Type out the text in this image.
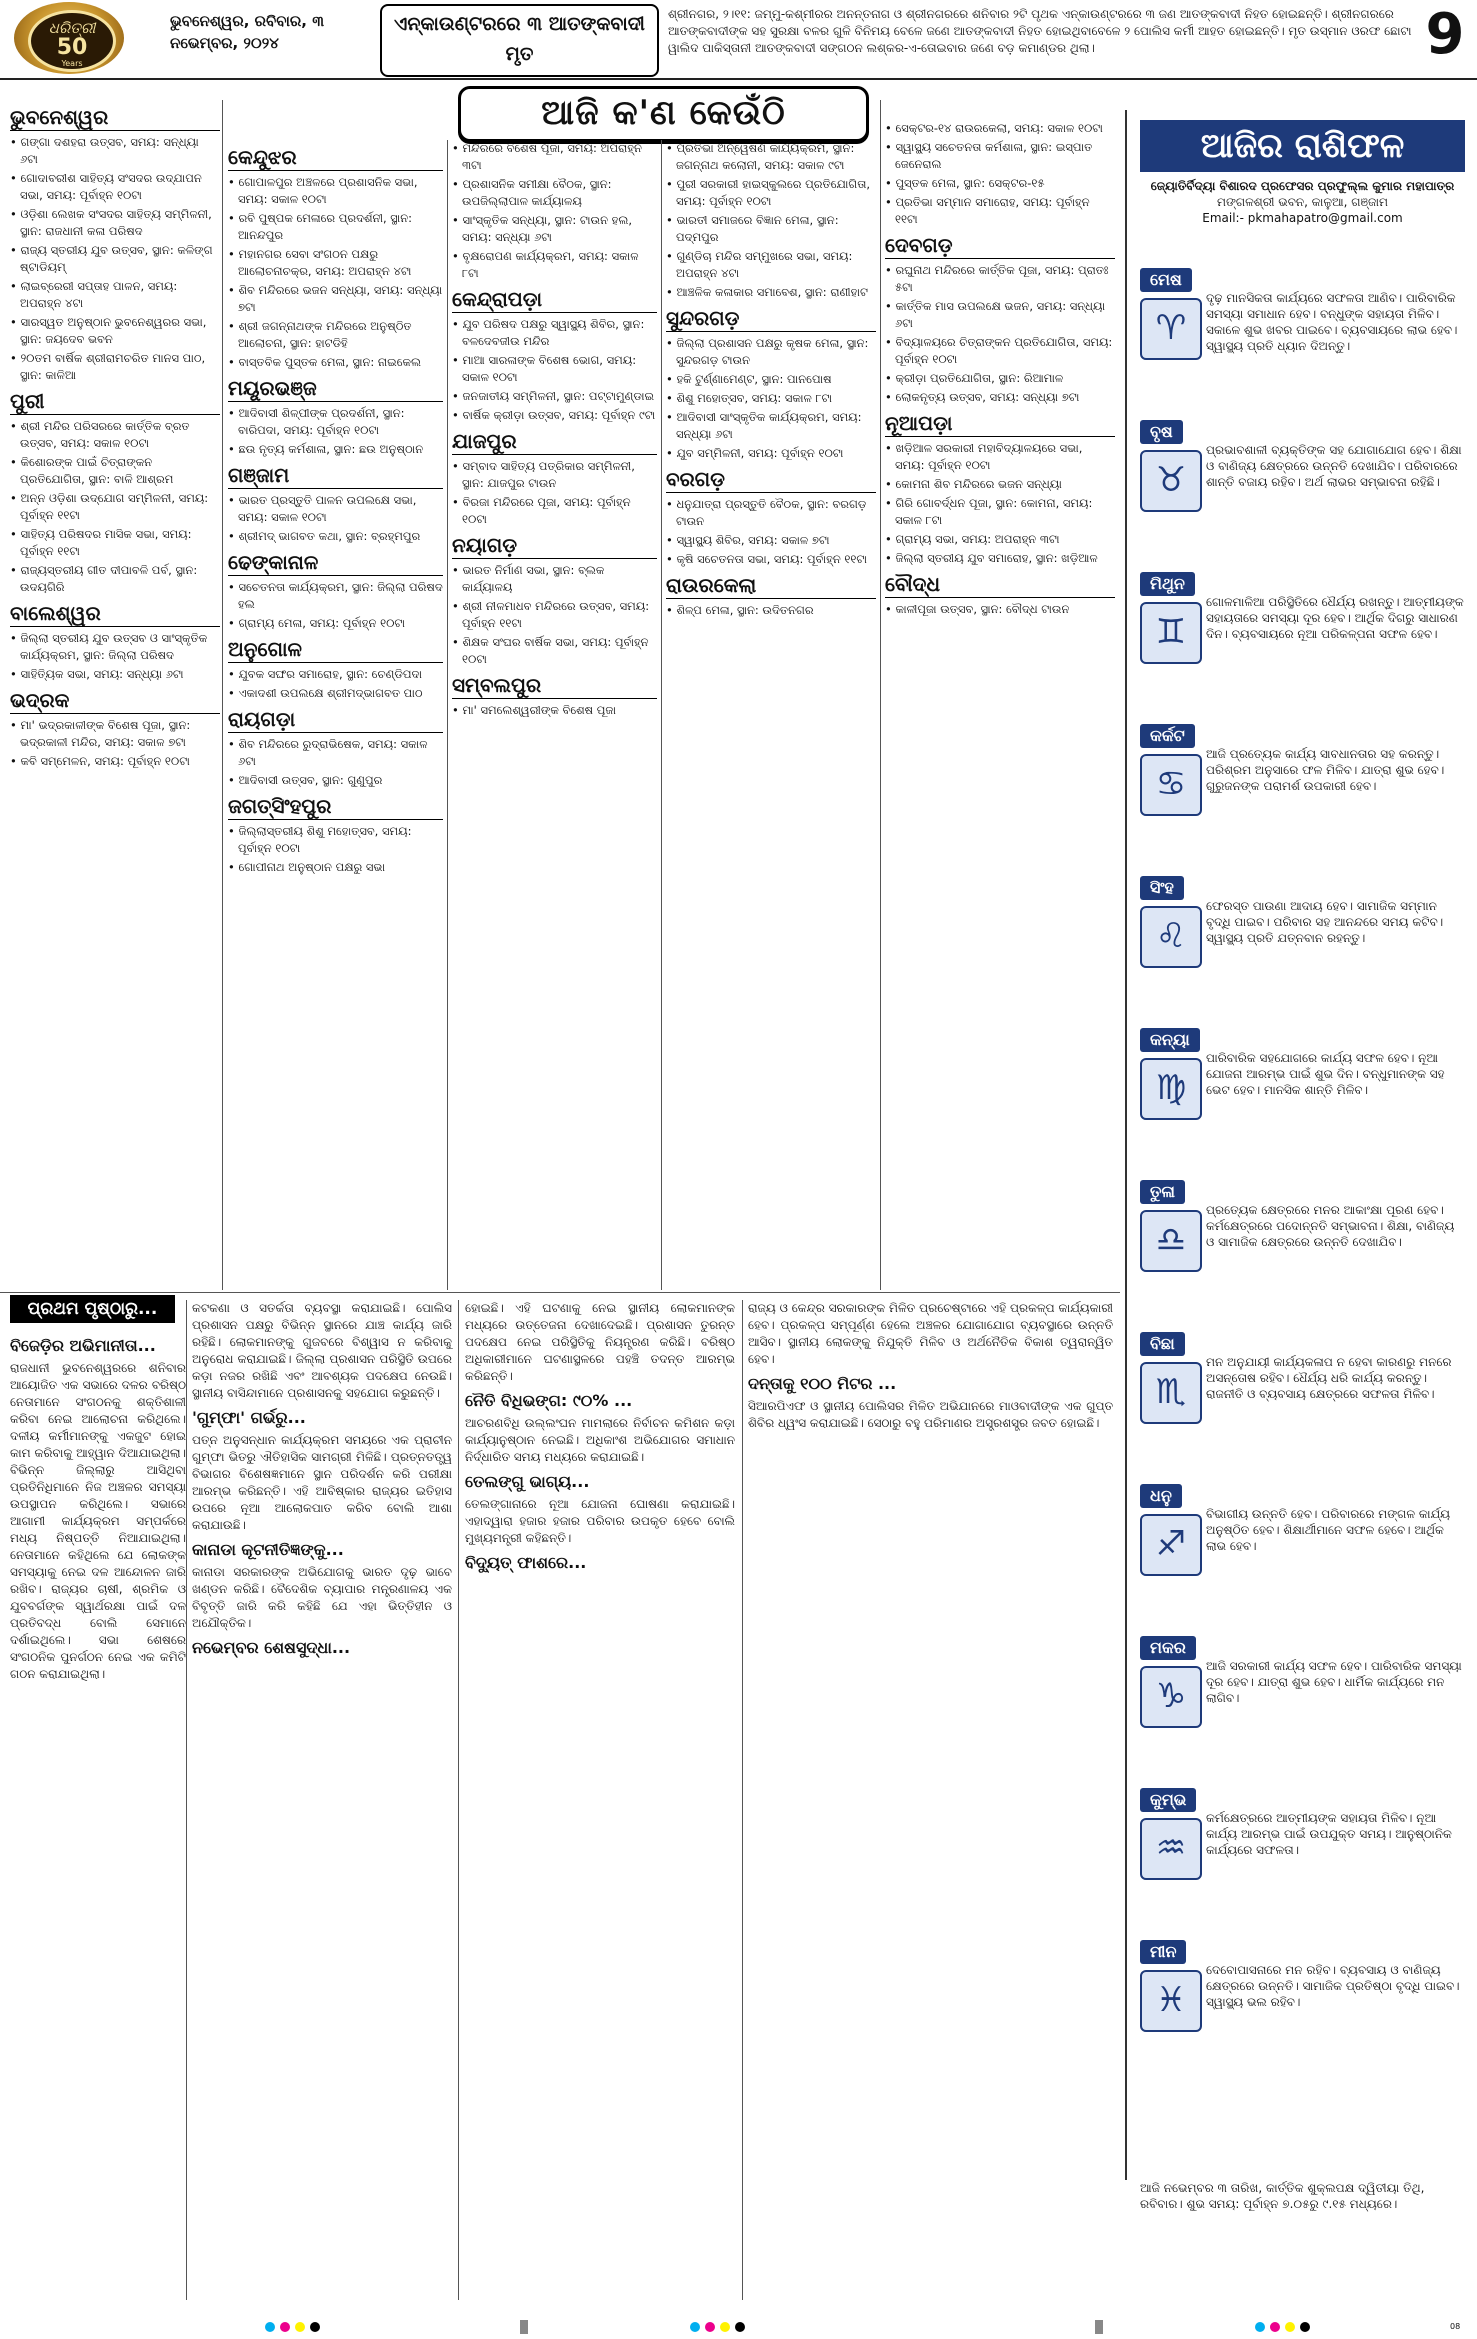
ଧରିତ୍ରୀ
50
Years
ଭୁବନେଶ୍ୱର, ରବିବାର, ୩ ନଭେମ୍ବର, ୨୦୨୪
ଏନ୍‌କାଉଣ୍ଟରରେ ୩ ଆତଙ୍କବାଦୀ ମୃତ
ଶ୍ରୀନଗର, ୨।୧୧: ଜମ୍ମୁ-କଶ୍ମୀରର ଅନନ୍ତନାଗ ଓ ଶ୍ରୀନଗରରେ ଶନିବାର ୨ଟି ପୃଥକ ଏନ୍‌କାଉଣ୍ଟରରେ ୩ ଜଣ ଆତଙ୍କବାଦୀ ନିହତ ହୋଇଛନ୍ତି। ଶ୍ରୀନଗରରେ ଆତଙ୍କବାଦୀଙ୍କ ସହ ସୁରକ୍ଷା ବଳର ଗୁଳି ବିନିମୟ ବେଳେ ଜଣେ ଆତଙ୍କବାଦୀ ନିହତ ହୋଇଥିବାବେଳେ ୨ ପୋଲିସ କର୍ମୀ ଆହତ ହୋଇଛନ୍ତି। ମୃତ ଉସ୍ମାନ ଓରଫ ଛୋଟା ୱାଲିଦ ପାକିସ୍ତାନୀ ଆତଙ୍କବାଦୀ ସଙ୍ଗଠନ ଲଶ୍କର-ଏ-ତୋଇବାର ଜଣେ ବଡ଼ କମାଣ୍ଡର ଥିଲା।	9
ଆଜି କ'ଣ କେଉଁଠି
ଭୁବନେଶ୍ୱର
• ଗଙ୍ଗା ଦଶହରା ଉତ୍ସବ, ସମୟ: ସନ୍ଧ୍ୟା ୬ଟା
• ଗୋଦାବରୀଶ ସାହିତ୍ୟ ସଂସଦର ଉଦ୍‌ଯାପନ ସଭା, ସମୟ: ପୂର୍ବାହ୍ନ ୧୦ଟା
• ଓଡ଼ିଶା ଲେଖକ ସଂସଦର ସାହିତ୍ୟ ସମ୍ମିଳନୀ, ସ୍ଥାନ: ରାଜଧାନୀ କଳା ପରିଷଦ
• ରାଜ୍ୟ ସ୍ତରୀୟ ଯୁବ ଉତ୍ସବ, ସ୍ଥାନ: କଳିଙ୍ଗ ଷ୍ଟାଡିୟମ୍‌
• ଲାଇବ୍ରେରୀ ସପ୍ତାହ ପାଳନ, ସମୟ: ଅପରାହ୍ନ ୪ଟା
• ସାରସ୍ୱତ ଅନୁଷ୍ଠାନ ଭୁବନେଶ୍ୱରର ସଭା, ସ୍ଥାନ: ଜୟଦେବ ଭବନ
• ୨୦ତମ ବାର୍ଷିକ ଶ୍ରୀରାମଚରିତ ମାନସ ପାଠ, ସ୍ଥାନ: କାଳିଆ
ପୁରୀ
• ଶ୍ରୀ ମନ୍ଦିର ପରିସରରେ କାର୍ତ୍ତିକ ବ୍ରତ ଉତ୍ସବ, ସମୟ: ସକାଳ ୧୦ଟା
• କିଶୋରଙ୍କ ପାଇଁ ଚିତ୍ରାଙ୍କନ ପ୍ରତିଯୋଗିତା, ସ୍ଥାନ: ବାଳି ଆଶ୍ରମ
• ଅନ୍ନ ଓଡ଼ିଶା ଉଦ୍‌ଯୋଗ ସମ୍ମିଳନୀ, ସମୟ: ପୂର୍ବାହ୍ନ ୧୧ଟା
• ସାହିତ୍ୟ ପରିଷଦର ମାସିକ ସଭା, ସମୟ: ପୂର୍ବାହ୍ନ ୧୧ଟା
• ରାଜ୍ୟସ୍ତରୀୟ ଗୀତ ଦୀପାବଳି ପର୍ବ, ସ୍ଥାନ: ଉଦୟଗିରି
ବାଲେଶ୍ୱର
• ଜିଲ୍ଲା ସ୍ତରୀୟ ଯୁବ ଉତ୍ସବ ଓ ସାଂସ୍କୃତିକ କାର୍ଯ୍ୟକ୍ରମ, ସ୍ଥାନ: ଜିଲ୍ଲା ପରିଷଦ
• ସାହିତ୍ୟିକ ସଭା, ସମୟ: ସନ୍ଧ୍ୟା ୬ଟା
ଭଦ୍ରକ
• ମା' ଭଦ୍ରକାଳୀଙ୍କ ବିଶେଷ ପୂଜା, ସ୍ଥାନ: ଭଦ୍ରକାଳୀ ମନ୍ଦିର, ସମୟ: ସକାଳ ୭ଟା
• କବି ସମ୍ମେଳନ, ସମୟ: ପୂର୍ବାହ୍ନ ୧୦ଟା
କେନ୍ଦୁଝର
• ଗୋପାଳପୁର ଅଞ୍ଚଳରେ ପ୍ରଶାସନିକ ସଭା, ସମୟ: ସକାଳ ୧୦ଟା
• ରବି ପୁଷ୍ପକ ମେଳାରେ ପ୍ରଦର୍ଶନୀ, ସ୍ଥାନ: ଆନନ୍ଦପୁର
• ମହାନଗର ସେବା ସଂଗଠନ ପକ୍ଷରୁ ଆଲୋଚନାଚକ୍ର, ସମୟ: ଅପରାହ୍ନ ୪ଟା
• ଶିବ ମନ୍ଦିରରେ ଭଜନ ସନ୍ଧ୍ୟା, ସମୟ: ସନ୍ଧ୍ୟା ୭ଟା
• ଶ୍ରୀ ଜଗନ୍ନାଥଙ୍କ ମନ୍ଦିରରେ ଅନୁଷ୍ଠିତ ଆଲୋଚନା, ସ୍ଥାନ: ହାଟଡିହି
• ବାସ୍ତବିକ ପୁସ୍ତକ ମେଳା, ସ୍ଥାନ: ନାଇକେଲ
ମୟୂରଭଞ୍ଜ
• ଆଦିବାସୀ ଶିଳ୍ପୀଙ୍କ ପ୍ରଦର୍ଶନୀ, ସ୍ଥାନ: ବାରିପଦା, ସମୟ: ପୂର୍ବାହ୍ନ ୧୦ଟା
• ଛଉ ନୃତ୍ୟ କର୍ମଶାଳା, ସ୍ଥାନ: ଛଉ ଅନୁଷ୍ଠାନ
ଗଞ୍ଜାମ
• ଭାରତ ପ୍ରସ୍ତୁତି ପାଳନ ଉପଲକ୍ଷେ ସଭା, ସମୟ: ସକାଳ ୧୦ଟା
• ଶ୍ରୀମଦ୍‌ ଭାଗବତ କଥା, ସ୍ଥାନ: ବ୍ରହ୍ମପୁର
ଢେଙ୍କାନାଳ
• ସଚେତନତା କାର୍ଯ୍ୟକ୍ରମ, ସ୍ଥାନ: ଜିଲ୍ଲା ପରିଷଦ ହଲ
• ଗ୍ରାମ୍ୟ ମେଳା, ସମୟ: ପୂର୍ବାହ୍ନ ୧୦ଟା
ଅନୁଗୋଳ
• ଯୁବକ ସଙ୍ଘର ସମାରୋହ, ସ୍ଥାନ: ଚେଣ୍ଡିପଦା
• ଏକାଦଶୀ ଉପଲକ୍ଷେ ଶ୍ରୀମଦ୍‌ଭାଗବତ ପାଠ
ରାୟଗଡ଼ା
• ଶିବ ମନ୍ଦିରରେ ରୁଦ୍ରାଭିଷେକ, ସମୟ: ସକାଳ ୬ଟା
• ଆଦିବାସୀ ଉତ୍ସବ, ସ୍ଥାନ: ଗୁଣୁପୁର
ଜଗତ୍‌ସିଂହପୁର
• ଜିଲ୍ଲାସ୍ତରୀୟ ଶିଶୁ ମହୋତ୍ସବ, ସମୟ: ପୂର୍ବାହ୍ନ ୧୦ଟା
• ଗୋପୀନାଥ ଅନୁଷ୍ଠାନ ପକ୍ଷରୁ ସଭା
• ମନ୍ଦିରରେ ବିଶେଷ ପୂଜା, ସମୟ: ଅପରାହ୍ନ ୩ଟା
• ପ୍ରଶାସନିକ ସମୀକ୍ଷା ବୈଠକ, ସ୍ଥାନ: ଉପଜିଲ୍ଲାପାଳ କାର୍ଯ୍ୟାଳୟ
• ସାଂସ୍କୃତିକ ସନ୍ଧ୍ୟା, ସ୍ଥାନ: ଟାଉନ ହଲ, ସମୟ: ସନ୍ଧ୍ୟା ୬ଟା
• ବୃକ୍ଷରୋପଣ କାର୍ଯ୍ୟକ୍ରମ, ସମୟ: ସକାଳ ୮ଟା
କେନ୍ଦ୍ରାପଡ଼ା
• ଯୁବ ପରିଷଦ ପକ୍ଷରୁ ସ୍ୱାସ୍ଥ୍ୟ ଶିବିର, ସ୍ଥାନ: ବଳଦେବଜୀଉ ମନ୍ଦିର
• ମାଆ ସାରଳାଙ୍କ ବିଶେଷ ଭୋଗ, ସମୟ: ସକାଳ ୧୦ଟା
• ଜନଜାତୀୟ ସମ୍ମିଳନୀ, ସ୍ଥାନ: ପଟ୍ଟାମୁଣ୍ଡାଇ
• ବାର୍ଷିକ କ୍ରୀଡ଼ା ଉତ୍ସବ, ସମୟ: ପୂର୍ବାହ୍ନ ୯ଟା
ଯାଜପୁର
• ସମ୍ବାଦ ସାହିତ୍ୟ ପତ୍ରିକାର ସମ୍ମିଳନୀ, ସ୍ଥାନ: ଯାଜପୁର ଟାଉନ
• ବିରଜା ମନ୍ଦିରରେ ପୂଜା, ସମୟ: ପୂର୍ବାହ୍ନ ୧୦ଟା
ନୟାଗଡ଼
• ଭାରତ ନିର୍ମାଣ ସଭା, ସ୍ଥାନ: ବ୍ଲକ କାର୍ଯ୍ୟାଳୟ
• ଶ୍ରୀ ନୀଳମାଧବ ମନ୍ଦିରରେ ଉତ୍ସବ, ସମୟ: ପୂର୍ବାହ୍ନ ୧୧ଟା
• ଶିକ୍ଷକ ସଂଘର ବାର୍ଷିକ ସଭା, ସମୟ: ପୂର୍ବାହ୍ନ ୧୦ଟା
ସମ୍ବଲପୁର
• ମା' ସମଲେଶ୍ୱରୀଙ୍କ ବିଶେଷ ପୂଜା
• ପ୍ରତିଭା ଅନ୍ୱେଷଣ କାର୍ଯ୍ୟକ୍ରମ, ସ୍ଥାନ: ଜଗନ୍ନାଥ କଲୋନୀ, ସମୟ: ସକାଳ ୯ଟା
• ପୁରୀ ସରକାରୀ ହାଇସ୍କୁଲରେ ପ୍ରତିଯୋଗିତା, ସମୟ: ପୂର୍ବାହ୍ନ ୧୦ଟା
• ଭାରତୀ ସମାଜରେ ବିଜ୍ଞାନ ମେଳା, ସ୍ଥାନ: ପଦ୍ମପୁର
• ଗୁଣ୍ଡିଚା ମନ୍ଦିର ସମ୍ମୁଖରେ ସଭା, ସମୟ: ଅପରାହ୍ନ ୪ଟା
• ଆଞ୍ଚଳିକ କଳାକାର ସମାବେଶ, ସ୍ଥାନ: ରାଣୀହାଟ
ସୁନ୍ଦରଗଡ଼
• ଜିଲ୍ଲା ପ୍ରଶାସନ ପକ୍ଷରୁ କୃଷକ ମେଳା, ସ୍ଥାନ: ସୁନ୍ଦରଗଡ଼ ଟାଉନ
• ହକି ଟୁର୍ଣ୍ଣାମେଣ୍ଟ, ସ୍ଥାନ: ପାନପୋଷ
• ଶିଶୁ ମହୋତ୍ସବ, ସମୟ: ସକାଳ ୮ଟା
• ଆଦିବାସୀ ସାଂସ୍କୃତିକ କାର୍ଯ୍ୟକ୍ରମ, ସମୟ: ସନ୍ଧ୍ୟା ୬ଟା
• ଯୁବ ସମ୍ମିଳନୀ, ସମୟ: ପୂର୍ବାହ୍ନ ୧୦ଟା
ବରଗଡ଼
• ଧନୁଯାତ୍ରା ପ୍ରସ୍ତୁତି ବୈଠକ, ସ୍ଥାନ: ବରଗଡ଼ ଟାଉନ
• ସ୍ୱାସ୍ଥ୍ୟ ଶିବିର, ସମୟ: ସକାଳ ୭ଟା
• କୃଷି ସଚେତନତା ସଭା, ସମୟ: ପୂର୍ବାହ୍ନ ୧୧ଟା
ରାଉରକେଲା
• ଶିଳ୍ପ ମେଳା, ସ୍ଥାନ: ଉଦିତନଗର
• ସେକ୍ଟର-୧୪ ରାଉରକେଲା, ସମୟ: ସକାଳ ୧୦ଟା
• ସ୍ୱାସ୍ଥ୍ୟ ସଚେତନତା କର୍ମଶାଳା, ସ୍ଥାନ: ଇସ୍ପାତ ଜେନେରାଲ
• ପୁସ୍ତକ ମେଳା, ସ୍ଥାନ: ସେକ୍ଟର-୧୫
• ପ୍ରତିଭା ସମ୍ମାନ ସମାରୋହ, ସମୟ: ପୂର୍ବାହ୍ନ ୧୧ଟା
ଦେବଗଡ଼
• ରଘୁନାଥ ମନ୍ଦିରରେ କାର୍ତ୍ତିକ ପୂଜା, ସମୟ: ପ୍ରାତଃ ୫ଟା
• କାର୍ତ୍ତିକ ମାସ ଉପଲକ୍ଷେ ଭଜନ, ସମୟ: ସନ୍ଧ୍ୟା ୬ଟା
• ବିଦ୍ୟାଳୟରେ ଚିତ୍ରାଙ୍କନ ପ୍ରତିଯୋଗିତା, ସମୟ: ପୂର୍ବାହ୍ନ ୧୦ଟା
• କ୍ରୀଡ଼ା ପ୍ରତିଯୋଗିତା, ସ୍ଥାନ: ରିଆମାଳ
• ଲୋକନୃତ୍ୟ ଉତ୍ସବ, ସମୟ: ସନ୍ଧ୍ୟା ୭ଟା
ନୂଆପଡ଼ା
• ଖଡ଼ିଆଳ ସରକାରୀ ମହାବିଦ୍ୟାଳୟରେ ସଭା, ସମୟ: ପୂର୍ବାହ୍ନ ୧୦ଟା
• କୋମନା ଶିବ ମନ୍ଦିରରେ ଭଜନ ସନ୍ଧ୍ୟା
• ଗିରି ଗୋବର୍ଦ୍ଧନ ପୂଜା, ସ୍ଥାନ: କୋମନା, ସମୟ: ସକାଳ ୮ଟା
• ଗ୍ରାମ୍ୟ ସଭା, ସମୟ: ଅପରାହ୍ନ ୩ଟା
• ଜିଲ୍ଲା ସ୍ତରୀୟ ଯୁବ ସମାରୋହ, ସ୍ଥାନ: ଖଡ଼ିଆଳ
ବୌଦ୍ଧ
• କାଳୀପୂଜା ଉତ୍ସବ, ସ୍ଥାନ: ବୌଦ୍ଧ ଟାଉନ
ଆଜିର ରାଶିଫଳ
ଜ୍ୟୋତିର୍ବିଦ୍ୟା ବିଶାରଦ ପ୍ରଫେସର ପ୍ରଫୁଲ୍ଲ କୁମାର ମହାପାତ୍ର
ମଙ୍ଗଳଶ୍ରୀ ଭବନ, କାଳୁଆ, ଗଞ୍ଜାମ
Email:- pkmahapatro@gmail.com
ମେଷ
♈
ଦୃଢ଼ ମାନସିକତା କାର୍ଯ୍ୟରେ ସଫଳତା ଆଣିବ। ପାରିବାରିକ ସମସ୍ୟା ସମାଧାନ ହେବ। ବନ୍ଧୁଙ୍କ ସହାୟତା ମିଳିବ। ସକାଳେ ଶୁଭ ଖବର ପାଇବେ। ବ୍ୟବସାୟରେ ଲାଭ ହେବ। ସ୍ୱାସ୍ଥ୍ୟ ପ୍ରତି ଧ୍ୟାନ ଦିଅନ୍ତୁ।
ବୃଷ
♉
ପ୍ରଭାବଶାଳୀ ବ୍ୟକ୍ତିଙ୍କ ସହ ଯୋଗାଯୋଗ ହେବ। ଶିକ୍ଷା ଓ ବାଣିଜ୍ୟ କ୍ଷେତ୍ରରେ ଉନ୍ନତି ଦେଖାଯିବ। ପରିବାରରେ ଶାନ୍ତି ବଜାୟ ରହିବ। ଅର୍ଥ ଲାଭର ସମ୍ଭାବନା ରହିଛି।
ମିଥୁନ
♊
ଗୋଳମାଳିଆ ପରିସ୍ଥିତିରେ ଧୈର୍ଯ୍ୟ ରଖନ୍ତୁ। ଆତ୍ମୀୟଙ୍କ ସହାୟତାରେ ସମସ୍ୟା ଦୂର ହେବ। ଆର୍ଥିକ ଦିଗରୁ ସାଧାରଣ ଦିନ। ବ୍ୟବସାୟରେ ନୂଆ ପରିକଳ୍ପନା ସଫଳ ହେବ।
କର୍କଟ
♋
ଆଜି ପ୍ରତ୍ୟେକ କାର୍ଯ୍ୟ ସାବଧାନତାର ସହ କରନ୍ତୁ। ପରିଶ୍ରମ ଅନୁସାରେ ଫଳ ମିଳିବ। ଯାତ୍ରା ଶୁଭ ହେବ। ଗୁରୁଜନଙ୍କ ପରାମର୍ଶ ଉପକାରୀ ହେବ।
ସିଂହ
♌
ଫେରସ୍ତ ପାଉଣା ଆଦାୟ ହେବ। ସାମାଜିକ ସମ୍ମାନ ବୃଦ୍ଧି ପାଇବ। ପରିବାର ସହ ଆନନ୍ଦରେ ସମୟ କଟିବ। ସ୍ୱାସ୍ଥ୍ୟ ପ୍ରତି ଯତ୍ନବାନ ରହନ୍ତୁ।
କନ୍ୟା
♍
ପାରିବାରିକ ସହଯୋଗରେ କାର୍ଯ୍ୟ ସଫଳ ହେବ। ନୂଆ ଯୋଜନା ଆରମ୍ଭ ପାଇଁ ଶୁଭ ଦିନ। ବନ୍ଧୁମାନଙ୍କ ସହ ଭେଟ ହେବ। ମାନସିକ ଶାନ୍ତି ମିଳିବ।
ତୁଳା
♎
ପ୍ରତ୍ୟେକ କ୍ଷେତ୍ରରେ ମନର ଆକାଂକ୍ଷା ପୂରଣ ହେବ। କର୍ମକ୍ଷେତ୍ରରେ ପଦୋନ୍ନତି ସମ୍ଭାବନା। ଶିକ୍ଷା, ବାଣିଜ୍ୟ ଓ ସାମାଜିକ କ୍ଷେତ୍ରରେ ଉନ୍ନତି ଦେଖାଯିବ।
ବିଛା
♏
ମନ ଅନୁଯାୟୀ କାର୍ଯ୍ୟକଳାପ ନ ହେବା କାରଣରୁ ମନରେ ଅସନ୍ତୋଷ ରହିବ। ଧୈର୍ଯ୍ୟ ଧରି କାର୍ଯ୍ୟ କରନ୍ତୁ। ରାଜନୀତି ଓ ବ୍ୟବସାୟ କ୍ଷେତ୍ରରେ ସଫଳତା ମିଳିବ।
ଧନୁ
♐
ବିଭାଗୀୟ ଉନ୍ନତି ହେବ। ପରିବାରରେ ମଙ୍ଗଳ କାର୍ଯ୍ୟ ଅନୁଷ୍ଠିତ ହେବ। ଶିକ୍ଷାର୍ଥୀମାନେ ସଫଳ ହେବେ। ଆର୍ଥିକ ଲାଭ ହେବ।
ମକର
♑
ଆଜି ସରକାରୀ କାର୍ଯ୍ୟ ସଫଳ ହେବ। ପାରିବାରିକ ସମସ୍ୟା ଦୂର ହେବ। ଯାତ୍ରା ଶୁଭ ହେବ। ଧାର୍ମିକ କାର୍ଯ୍ୟରେ ମନ ଲାଗିବ।
କୁମ୍ଭ
♒
କର୍ମକ୍ଷେତ୍ରରେ ଆତ୍ମୀୟଙ୍କ ସହାୟତା ମିଳିବ। ନୂଆ କାର୍ଯ୍ୟ ଆରମ୍ଭ ପାଇଁ ଉପଯୁକ୍ତ ସମୟ। ଆନୁଷ୍ଠାନିକ କାର୍ଯ୍ୟରେ ସଫଳତା।
ମୀନ
♓
ଦେବୋପାସନାରେ ମନ ରହିବ। ବ୍ୟବସାୟ ଓ ବାଣିଜ୍ୟ କ୍ଷେତ୍ରରେ ଉନ୍ନତି। ସାମାଜିକ ପ୍ରତିଷ୍ଠା ବୃଦ୍ଧି ପାଇବ। ସ୍ୱାସ୍ଥ୍ୟ ଭଲ ରହିବ।
ଆଜି ନଭେମ୍ବର ୩ ତାରିଖ, କାର୍ତ୍ତିକ ଶୁକ୍ଲପକ୍ଷ ଦ୍ୱିତୀୟା ତିଥି, ରବିବାର। ଶୁଭ ସମୟ: ପୂର୍ବାହ୍ନ ୭.୦୫ରୁ ୯.୧୫ ମଧ୍ୟରେ।
ପ୍ରଥମ ପୃଷ୍ଠାରୁ...
ବିଜେଡ଼ିର ଅଭିମାନୀତା...
ରାଜଧାନୀ ଭୁବନେଶ୍ୱରରେ ଶନିବାର ଆୟୋଜିତ ଏକ ସଭାରେ ଦଳର ବରିଷ୍ଠ ନେତାମାନେ ସଂଗଠନକୁ ଶକ୍ତିଶାଳୀ କରିବା ନେଇ ଆଲୋଚନା କରିଥିଲେ। ଦଳୀୟ କର୍ମୀମାନଙ୍କୁ ଏକଜୁଟ ହୋଇ କାମ କରିବାକୁ ଆହ୍ୱାନ ଦିଆଯାଇଥିଲା। ବିଭିନ୍ନ ଜିଲ୍ଲାରୁ ଆସିଥିବା ପ୍ରତିନିଧିମାନେ ନିଜ ଅଞ୍ଚଳର ସମସ୍ୟା ଉପସ୍ଥାପନ କରିଥିଲେ। ସଭାରେ ଆଗାମୀ କାର୍ଯ୍ୟକ୍ରମ ସମ୍ପର୍କରେ ମଧ୍ୟ ନିଷ୍ପତ୍ତି ନିଆଯାଇଥିଲା। ନେତାମାନେ କହିଥିଲେ ଯେ ଲୋକଙ୍କ ସମସ୍ୟାକୁ ନେଇ ଦଳ ଆନ୍ଦୋଳନ ଜାରି ରଖିବ। ରାଜ୍ୟର ଚାଷୀ, ଶ୍ରମିକ ଓ ଯୁବବର୍ଗଙ୍କ ସ୍ୱାର୍ଥରକ୍ଷା ପାଇଁ ଦଳ ପ୍ରତିବଦ୍ଧ ବୋଲି ସେମାନେ ଦର୍ଶାଇଥିଲେ। ସଭା ଶେଷରେ ସଂଗଠନିକ ପୁନର୍ଗଠନ ନେଇ ଏକ କମିଟି ଗଠନ କରାଯାଇଥିଲା।
କଟକଣା ଓ ସତର୍କତା ବ୍ୟବସ୍ଥା କରାଯାଇଛି। ପୋଲିସ ପ୍ରଶାସନ ପକ୍ଷରୁ ବିଭିନ୍ନ ସ୍ଥାନରେ ଯାଞ୍ଚ କାର୍ଯ୍ୟ ଜାରି ରହିଛି। ଲୋକମାନଙ୍କୁ ଗୁଜବରେ ବିଶ୍ୱାସ ନ କରିବାକୁ ଅନୁରୋଧ କରାଯାଇଛି। ଜିଲ୍ଲା ପ୍ରଶାସନ ପରିସ୍ଥିତି ଉପରେ କଡ଼ା ନଜର ରଖିଛି ଏବଂ ଆବଶ୍ୟକ ପଦକ୍ଷେପ ନେଉଛି। ସ୍ଥାନୀୟ ବାସିନ୍ଦାମାନେ ପ୍ରଶାସନକୁ ସହଯୋଗ କରୁଛନ୍ତି।
'ଗୁମ୍ଫା' ଗର୍ଭରୁ...
ପତ୍ନ ଅନୁସନ୍ଧାନ କାର୍ଯ୍ୟକ୍ରମ ସମୟରେ ଏକ ପ୍ରାଚୀନ ଗୁମ୍ଫା ଭିତରୁ ଐତିହାସିକ ସାମଗ୍ରୀ ମିଳିଛି। ପ୍ରତ୍ନତତ୍ତ୍ୱ ବିଭାଗର ବିଶେଷଜ୍ଞମାନେ ସ୍ଥାନ ପରିଦର୍ଶନ କରି ପରୀକ୍ଷା ଆରମ୍ଭ କରିଛନ୍ତି। ଏହି ଆବିଷ୍କାର ରାଜ୍ୟର ଇତିହାସ ଉପରେ ନୂଆ ଆଲୋକପାତ କରିବ ବୋଲି ଆଶା କରାଯାଉଛି।
କାନାଡା କୂଟନୀତିଜ୍ଞଙ୍କୁ...
କାନାଡା ସରକାରଙ୍କ ଅଭିଯୋଗକୁ ଭାରତ ଦୃଢ଼ ଭାବେ ଖଣ୍ଡନ କରିଛି। ବୈଦେଶିକ ବ୍ୟାପାର ମନ୍ତ୍ରଣାଳୟ ଏକ ବିବୃତ୍ତି ଜାରି କରି କହିଛି ଯେ ଏହା ଭିତ୍ତିହୀନ ଓ ଅଯୌକ୍ତିକ।
ନଭେମ୍ବର ଶେଷସୁଦ୍ଧା...
ହୋଇଛି। ଏହି ଘଟଣାକୁ ନେଇ ସ୍ଥାନୀୟ ଲୋକମାନଙ୍କ ମଧ୍ୟରେ ଉତ୍ତେଜନା ଦେଖାଦେଇଛି। ପ୍ରଶାସନ ତୁରନ୍ତ ପଦକ୍ଷେପ ନେଇ ପରିସ୍ଥିତିକୁ ନିୟନ୍ତ୍ରଣ କରିଛି। ବରିଷ୍ଠ ଅଧିକାରୀମାନେ ଘଟଣାସ୍ଥଳରେ ପହଞ୍ଚି ତଦନ୍ତ ଆରମ୍ଭ କରିଛନ୍ତି।
ନୈତି ବିଧିଭଙ୍ଗ: ୯୦% ...
ଆଚରଣବିଧି ଉଲ୍ଲଂଘନ ମାମଲାରେ ନିର୍ବାଚନ କମିଶନ କଡ଼ା କାର୍ଯ୍ୟାନୁଷ୍ଠାନ ନେଇଛି। ଅଧିକାଂଶ ଅଭିଯୋଗର ସମାଧାନ ନିର୍ଦ୍ଧାରିତ ସମୟ ମଧ୍ୟରେ କରାଯାଇଛି।
ତେଲଙ୍ଗୁ ଭାଗ୍ୟ...
ତେଲଙ୍ଗାନାରେ ନୂଆ ଯୋଜନା ଘୋଷଣା କରାଯାଇଛି। ଏହାଦ୍ୱାରା ହଜାର ହଜାର ପରିବାର ଉପକୃତ ହେବେ ବୋଲି ମୁଖ୍ୟମନ୍ତ୍ରୀ କହିଛନ୍ତି।
ବିଦ୍ୟୁତ୍ ଫାଶରେ...
ରାଜ୍ୟ ଓ କେନ୍ଦ୍ର ସରକାରଙ୍କ ମିଳିତ ପ୍ରଚେଷ୍ଟାରେ ଏହି ପ୍ରକଳ୍ପ କାର୍ଯ୍ୟକାରୀ ହେବ। ପ୍ରକଳ୍ପ ସମ୍ପୂର୍ଣ୍ଣ ହେଲେ ଅଞ୍ଚଳର ଯୋଗାଯୋଗ ବ୍ୟବସ୍ଥାରେ ଉନ୍ନତି ଆସିବ। ସ୍ଥାନୀୟ ଲୋକଙ୍କୁ ନିଯୁକ୍ତି ମିଳିବ ଓ ଅର୍ଥନୈତିକ ବିକାଶ ତ୍ୱରାନ୍ୱିତ ହେବ।
ଦନ୍ତାକୁ ୧୦୦ ମିଟର ...
ସିଆରପିଏଫ ଓ ସ୍ଥାନୀୟ ପୋଲିସର ମିଳିତ ଅଭିଯାନରେ ମାଓବାଦୀଙ୍କ ଏକ ଗୁପ୍ତ ଶିବିର ଧ୍ୱଂସ କରାଯାଇଛି। ସେଠାରୁ ବହୁ ପରିମାଣର ଅସ୍ତ୍ରଶସ୍ତ୍ର ଜବତ ହୋଇଛି।
08
